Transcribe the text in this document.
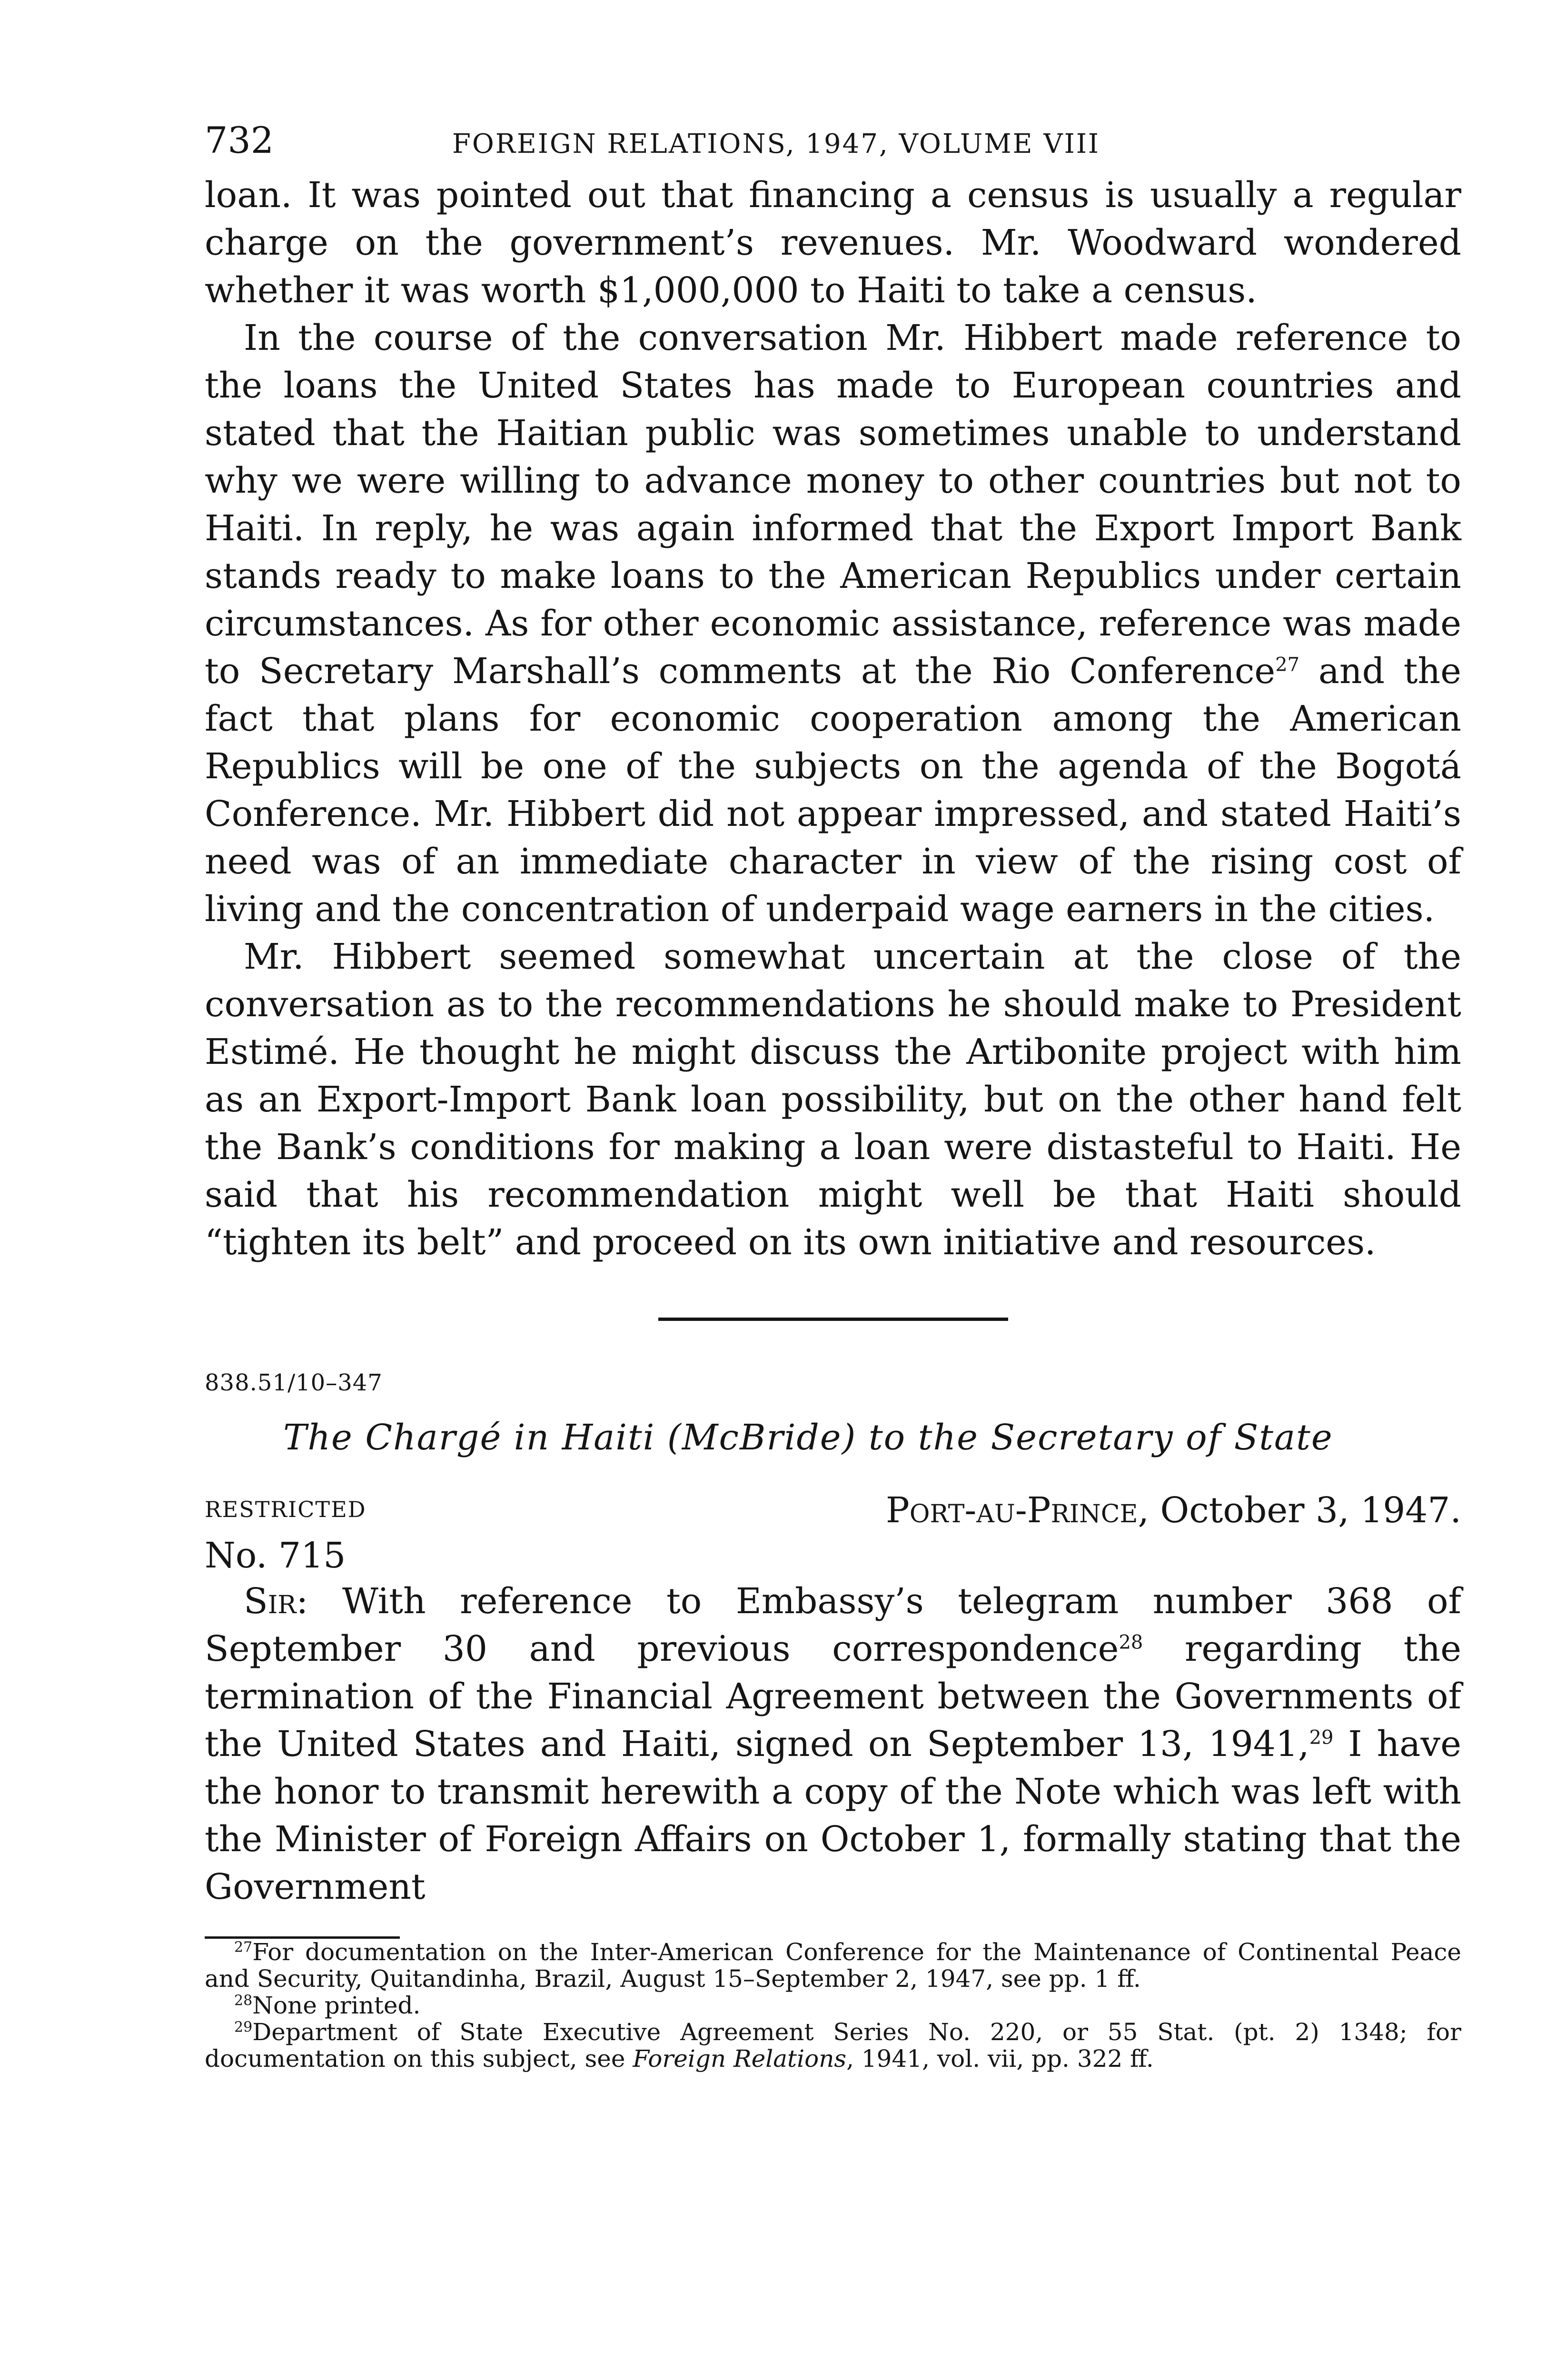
732	FOREIGN RELATIONS, 1947, VOLUME VIII

loan. It was pointed out that financing a census is usually a regular charge on the government’s revenues. Mr. Woodward wondered whether it was worth $1,000,000 to Haiti to take a census.

In the course of the conversation Mr. Hibbert made reference to the loans the United States has made to European countries and stated that the Haitian public was sometimes unable to understand why we were willing to advance money to other countries but not to Haiti. In reply, he was again informed that the Export Import Bank stands ready to make loans to the American Republics under certain circumstances. As for other economic assistance, reference was made to Secretary Marshall’s comments at the Rio Conference$^{27}$ and the fact that plans for economic cooperation among the American Republics will be one of the subjects on the agenda of the Bogotá Conference. Mr. Hibbert did not appear impressed, and stated Haiti’s need was of an immediate character in view of the rising cost of living and the concentration of underpaid wage earners in the cities.

Mr. Hibbert seemed somewhat uncertain at the close of the conversation as to the recommendations he should make to President Estimé. He thought he might discuss the Artibonite project with him as an Export-Import Bank loan possibility, but on the other hand felt the Bank’s conditions for making a loan were distasteful to Haiti. He said that his recommendation might well be that Haiti should “tighten its belt” and proceed on its own initiative and resources.

838.51/10–347
The Chargé in Haiti (McBride) to the Secretary of State
RESTRICTED	Port-au-Prince, October 3, 1947.
No. 715

Sir: With reference to Embassy’s telegram number 368 of September 30 and previous correspondence$^{28}$ regarding the termination of the Financial Agreement between the Governments of the United States and Haiti, signed on September 13, 1941,29 I have the honor to transmit herewith a copy of the Note which was left with the Minister of Foreign Affairs on October 1, formally stating that the Government

$^{27}$For documentation on the Inter-American Conference for the Maintenance of Continental Peace and Security, Quitandinha, Brazil, August 15–September 2, 1947, see pp. 1 ff.

$^{28}$None printed.

$^{29}$Department of State Executive Agreement Series No. 220, or 55 Stat. (pt. 2) 1348; for documentation on this subject, see Foreign Relations, 1941, vol. vii, pp. 322 ff.
